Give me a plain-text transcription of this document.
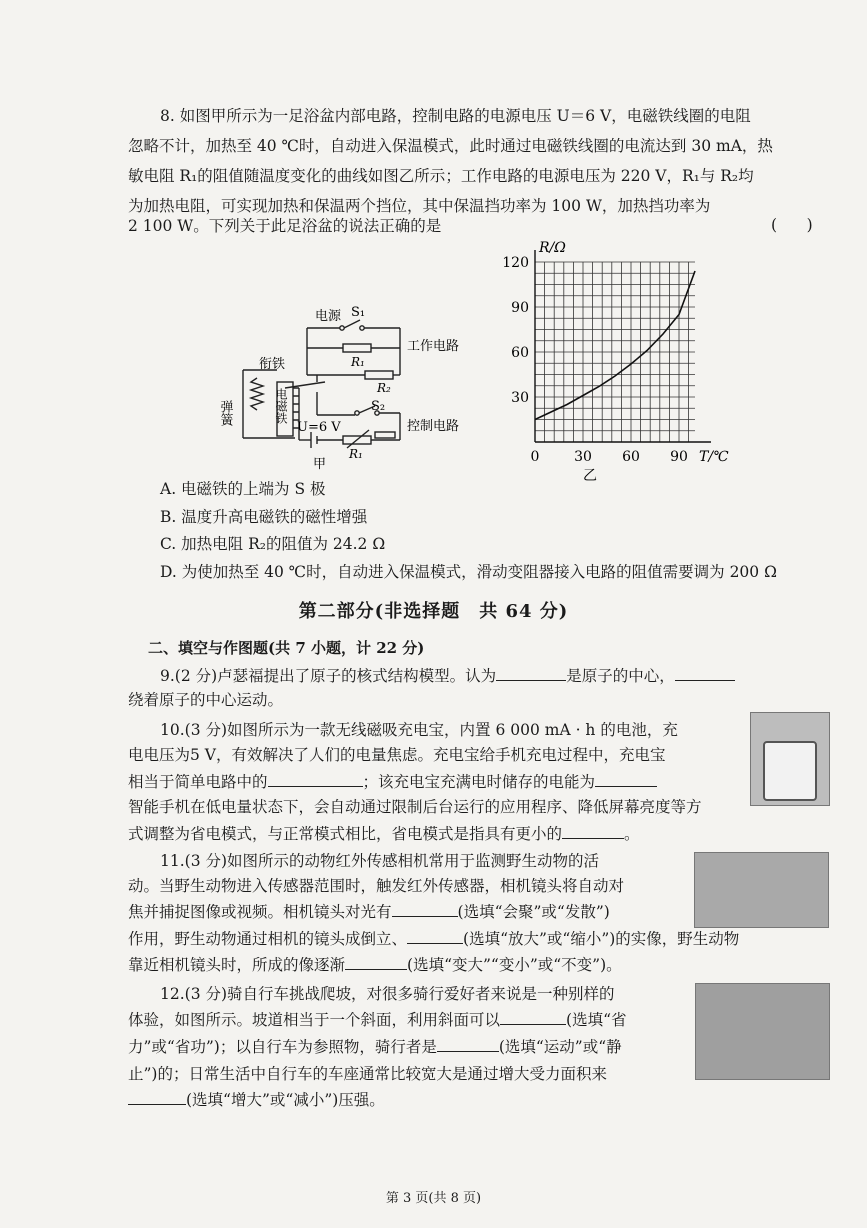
8. 如图甲所示为一足浴盆内部电路，控制电路的电源电压 U＝6 V，电磁铁线圈的电阻
忽略不计，加热至 40 ℃时，自动进入保温模式，此时通过电磁铁线圈的电流达到 30 mA，热
敏电阻 R₁的阻值随温度变化的曲线如图乙所示；工作电路的电源电压为 220 V，R₁与 R₂均
为加热电阻，可实现加热和保温两个挡位，其中保温挡功率为 100 W，加热挡功率为
2 100 W。下列关于此足浴盆的说法正确的是	(      )
电源 S₁
工作电路
R₁
R₂
衔铁
弹簧	电磁铁	S₂
U=6 V	控制电路
R₁
甲
30
60
90
120
0 30 60 90
R/Ω
T/℃
乙
A. 电磁铁的上端为 S 极
B. 温度升高电磁铁的磁性增强
C. 加热电阻 R₂的阻值为 24.2 Ω
D. 为使加热至 40 ℃时，自动进入保温模式，滑动变阻器接入电路的阻值需要调为 200 Ω
第二部分(非选择题　共 64 分)
二、填空与作图题(共 7 小题，计 22 分)
9.(2 分)卢瑟福提出了原子的核式结构模型。认为	是原子的中心，
绕着原子的中心运动。
10.(3 分)如图所示为一款无线磁吸充电宝，内置 6 000 mA · h 的电池，充
电电压为5 V，有效解决了人们的电量焦虑。充电宝给手机充电过程中，充电宝
相当于简单电路中的	；该充电宝充满电时储存的电能为
智能手机在低电量状态下，会自动通过限制后台运行的应用程序、降低屏幕亮度等方
式调整为省电模式，与正常模式相比，省电模式是指具有更小的	。
11.(3 分)如图所示的动物红外传感相机常用于监测野生动物的活
动。当野生动物进入传感器范围时，触发红外传感器，相机镜头将自动对
焦并捕捉图像或视频。相机镜头对光有	(选填“会聚”或“发散”)
作用，野生动物通过相机的镜头成倒立、	(选填“放大”或“缩小”)的实像，野生动物
靠近相机镜头时，所成的像逐渐	(选填“变大”“变小”或“不变”)。
12.(3 分)骑自行车挑战爬坡，对很多骑行爱好者来说是一种别样的
体验，如图所示。坡道相当于一个斜面，利用斜面可以	(选填“省
力”或“省功”)；以自行车为参照物，骑行者是	(选填“运动”或“静
止”)的；日常生活中自行车的车座通常比较宽大是通过增大受力面积来
(选填“增大”或“减小”)压强。
第 3 页(共 8 页)
